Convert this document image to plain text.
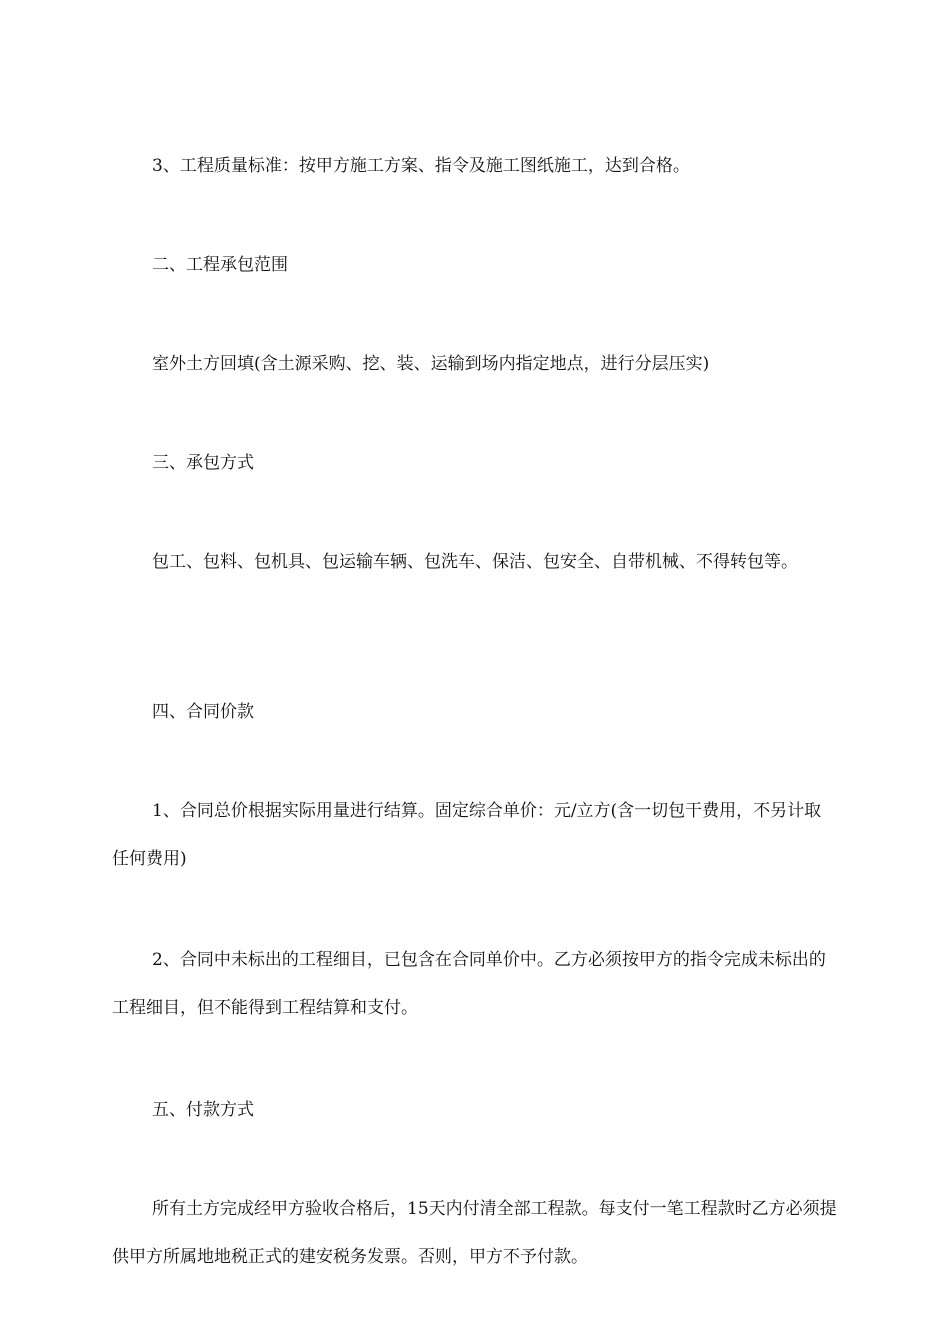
3、工程质量标准：按甲方施工方案、指令及施工图纸施工，达到合格。

二、工程承包范围

室外土方回填(含土源采购、挖、装、运输到场内指定地点，进行分层压实)

三、承包方式

包工、包料、包机具、包运输车辆、包洗车、保洁、包安全、自带机械、不得转包等。

四、合同价款

1、合同总价根据实际用量进行结算。固定综合单价：元/立方(含一切包干费用，不另计取任何费用)

2、合同中未标出的工程细目，已包含在合同单价中。乙方必须按甲方的指令完成未标出的工程细目，但不能得到工程结算和支付。

五、付款方式

所有土方完成经甲方验收合格后，15天内付清全部工程款。每支付一笔工程款时乙方必须提供甲方所属地地税正式的建安税务发票。否则，甲方不予付款。
